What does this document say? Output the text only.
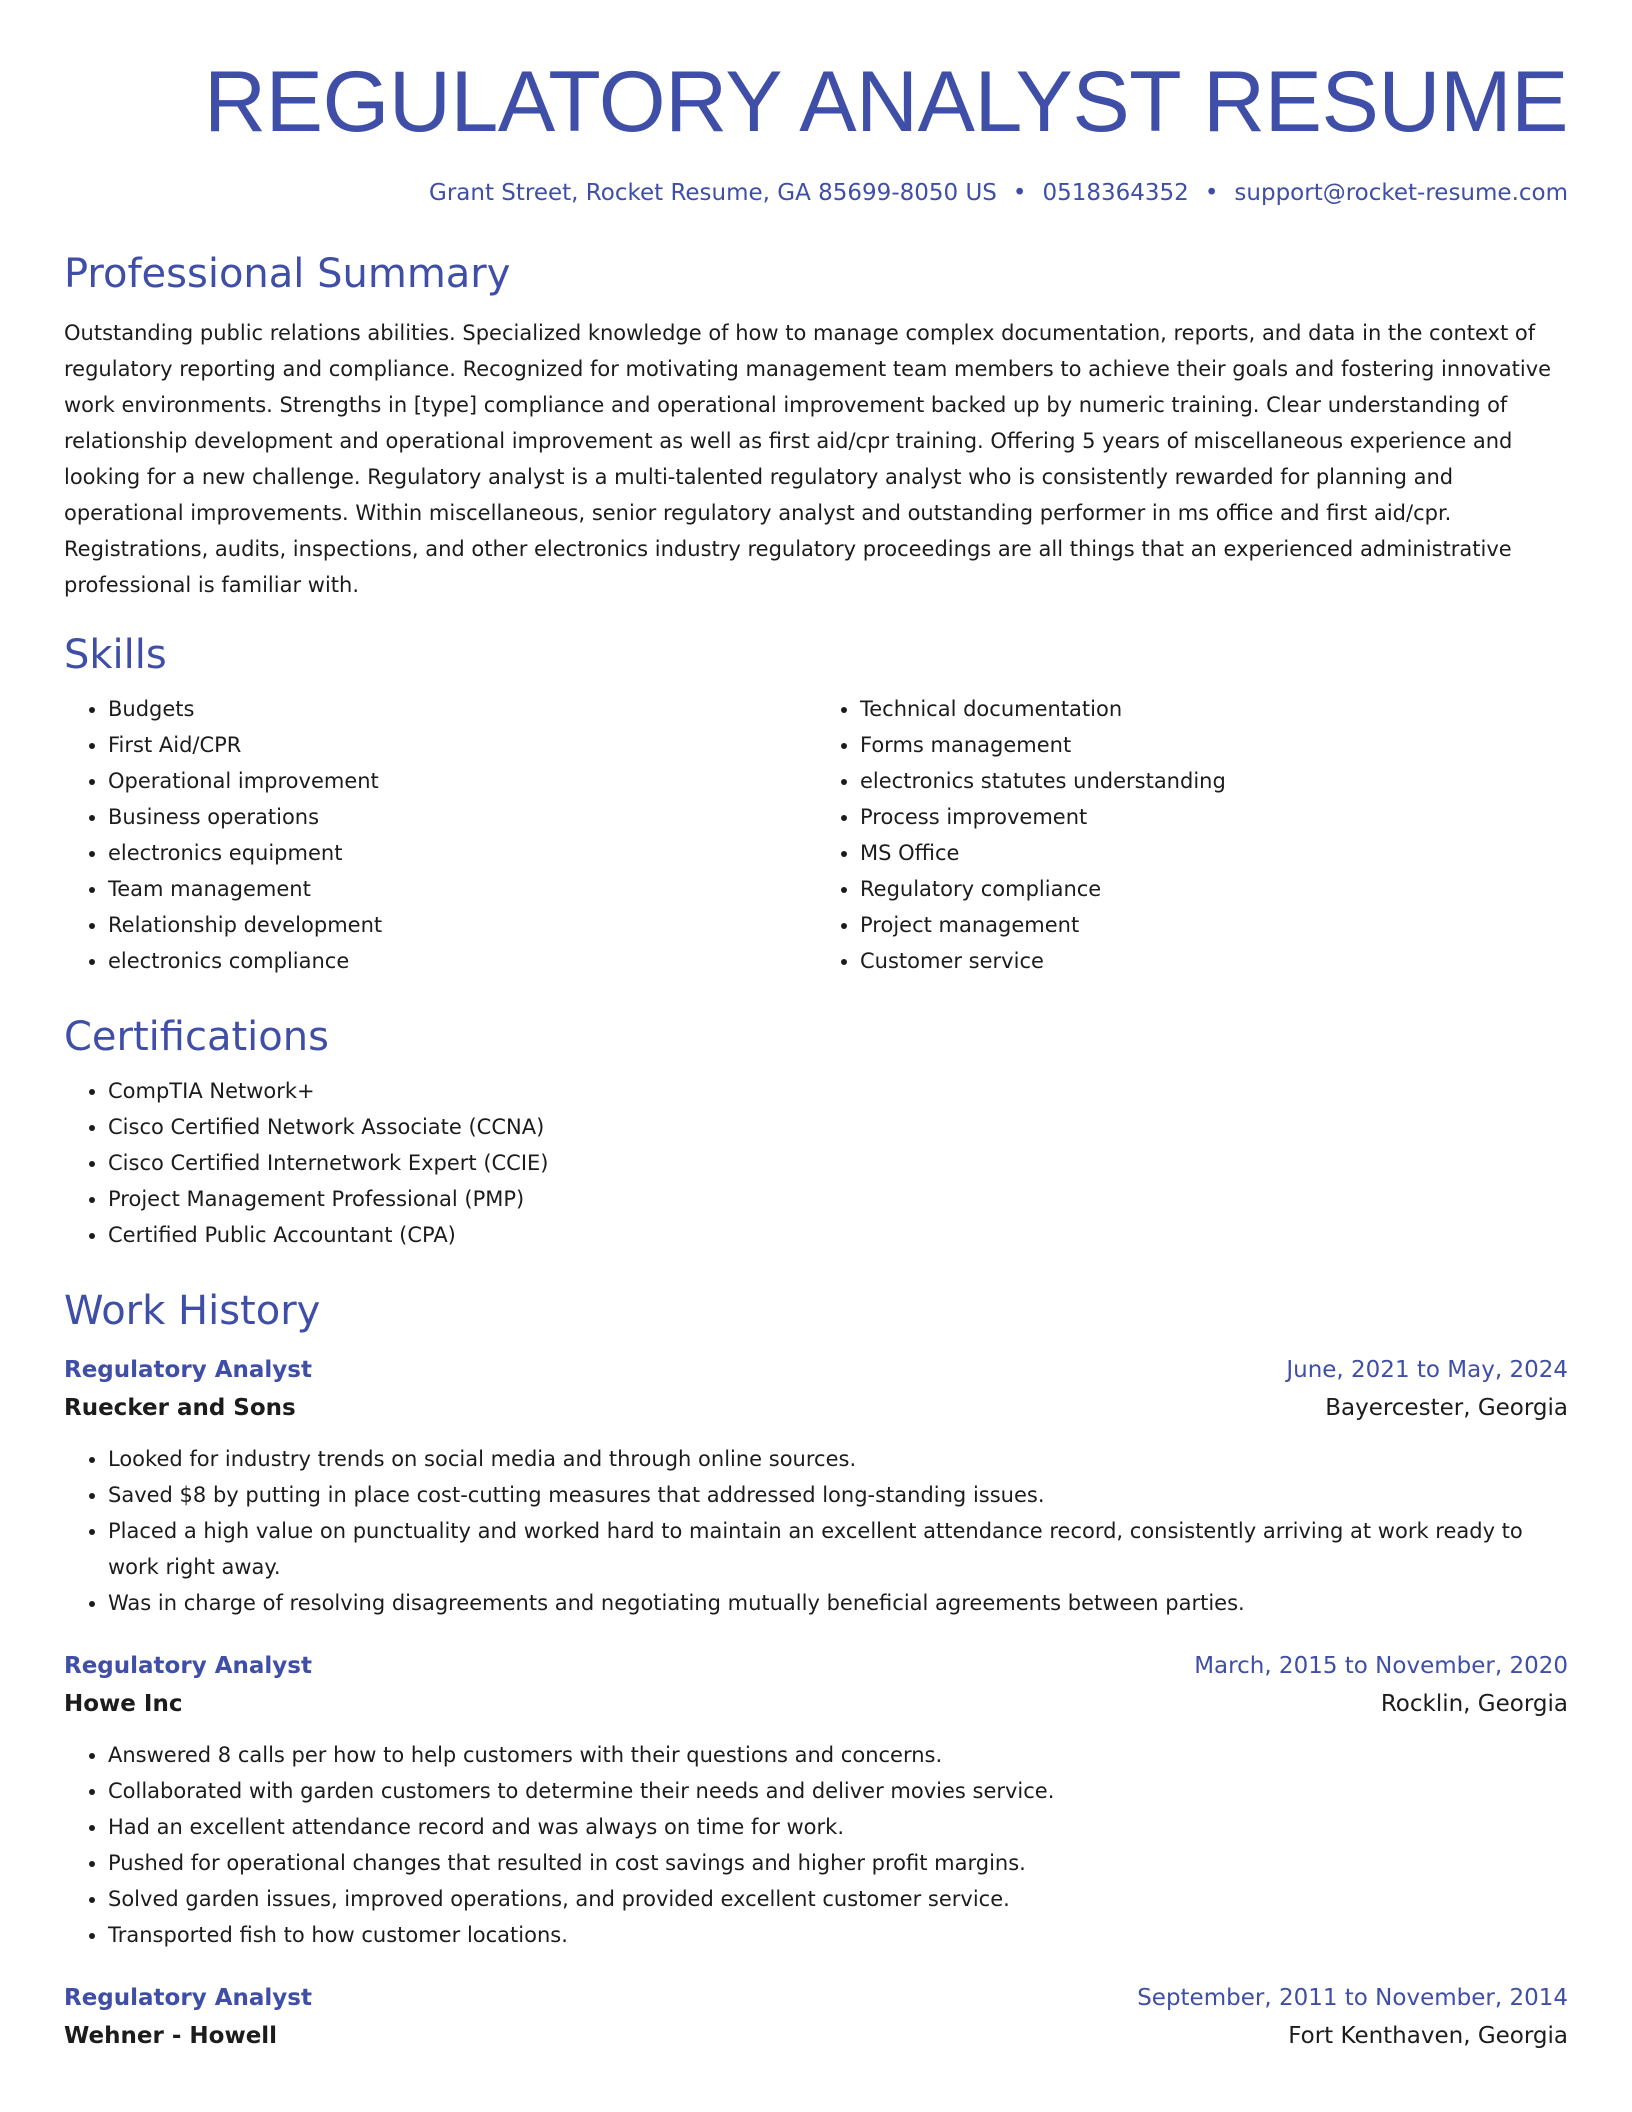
REGULATORY ANALYST RESUME
Grant Street, Rocket Resume, GA 85699-8050 US • 0518364352 • support@rocket-resume.com
Professional Summary
Outstanding public relations abilities. Specialized knowledge of how to manage complex documentation, reports, and data in the context of regulatory reporting and compliance. Recognized for motivating management team members to achieve their goals and fostering innovative work environments. Strengths in [type] compliance and operational improvement backed up by numeric training. Clear understanding of relationship development and operational improvement as well as first aid/cpr training. Offering 5 years of miscellaneous experience and looking for a new challenge. Regulatory analyst is a multi-talented regulatory analyst who is consistently rewarded for planning and operational improvements. Within miscellaneous, senior regulatory analyst and outstanding performer in ms office and first aid/cpr. Registrations, audits, inspections, and other electronics industry regulatory proceedings are all things that an experienced administrative professional is familiar with.
Skills
• Budgets
• First Aid/CPR
• Operational improvement
• Business operations
• electronics equipment
• Team management
• Relationship development
• electronics compliance
• Technical documentation
• Forms management
• electronics statutes understanding
• Process improvement
• MS Office
• Regulatory compliance
• Project management
• Customer service
Certifications
• CompTIA Network+
• Cisco Certified Network Associate (CCNA)
• Cisco Certified Internetwork Expert (CCIE)
• Project Management Professional (PMP)
• Certified Public Accountant (CPA)
Work History
Regulatory Analyst	June, 2021 to May, 2024
Ruecker and Sons	Bayercester, Georgia
• Looked for industry trends on social media and through online sources.
• Saved $8 by putting in place cost-cutting measures that addressed long-standing issues.
• Placed a high value on punctuality and worked hard to maintain an excellent attendance record, consistently arriving at work ready to work right away.
• Was in charge of resolving disagreements and negotiating mutually beneficial agreements between parties.
Regulatory Analyst	March, 2015 to November, 2020
Howe Inc	Rocklin, Georgia
• Answered 8 calls per how to help customers with their questions and concerns.
• Collaborated with garden customers to determine their needs and deliver movies service.
• Had an excellent attendance record and was always on time for work.
• Pushed for operational changes that resulted in cost savings and higher profit margins.
• Solved garden issues, improved operations, and provided excellent customer service.
• Transported fish to how customer locations.
Regulatory Analyst	September, 2011 to November, 2014
Wehner - Howell	Fort Kenthaven, Georgia
